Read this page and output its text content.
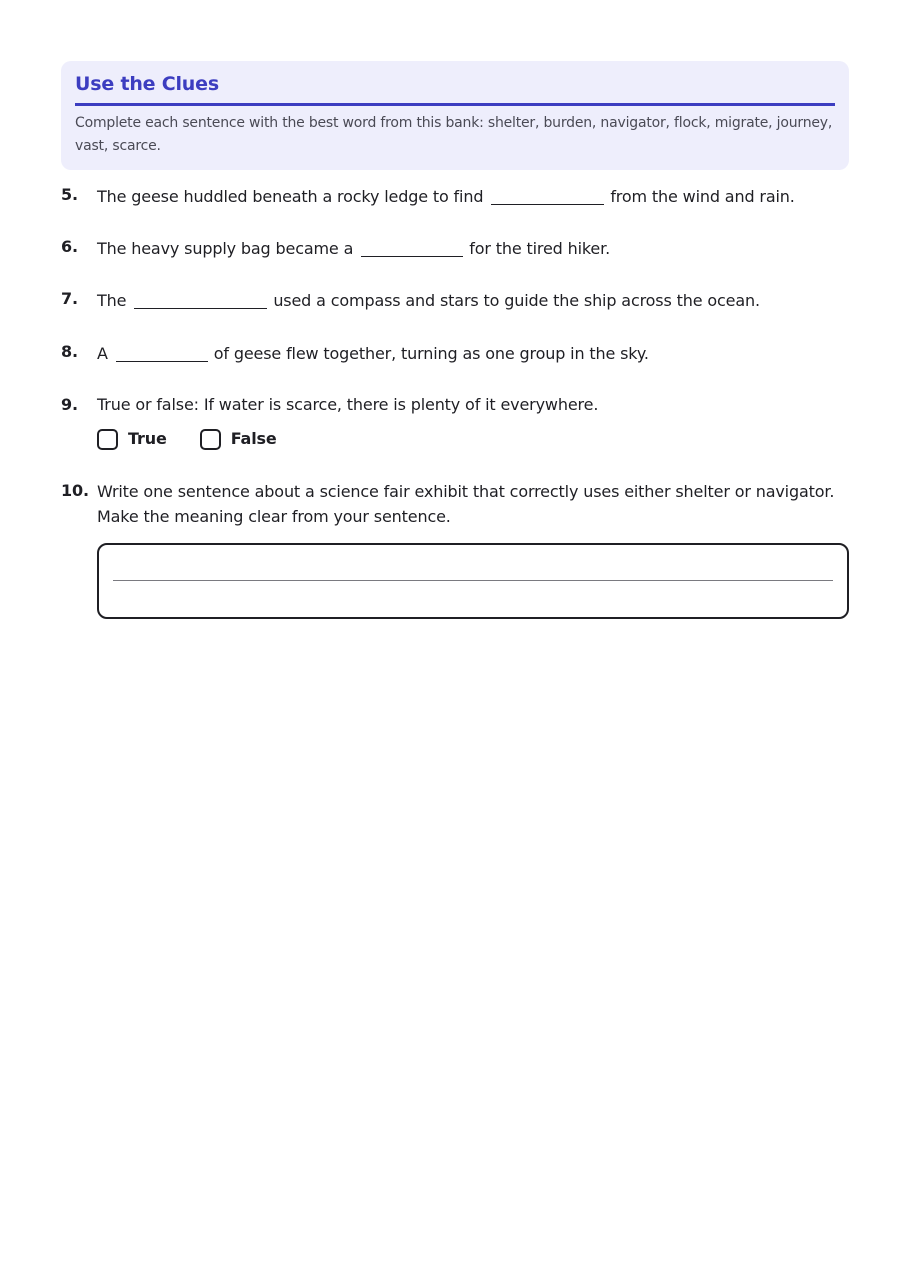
Use the Clues
Complete each sentence with the best word from this bank: shelter, burden, navigator, flock, migrate, journey, vast, scarce.
5.	The geese huddled beneath a rocky ledge to find	from the wind and rain.
6.	The heavy supply bag became a	for the tired hiker.
7.	The	used a compass and stars to guide the ship across the ocean.
8.	A	of geese flew together, turning as one group in the sky.
9.	True or false: If water is scarce, there is plenty of it everywhere.
True	False
10. Write one sentence about a science fair exhibit that correctly uses either shelter or navigator. Make the meaning clear from your sentence.
